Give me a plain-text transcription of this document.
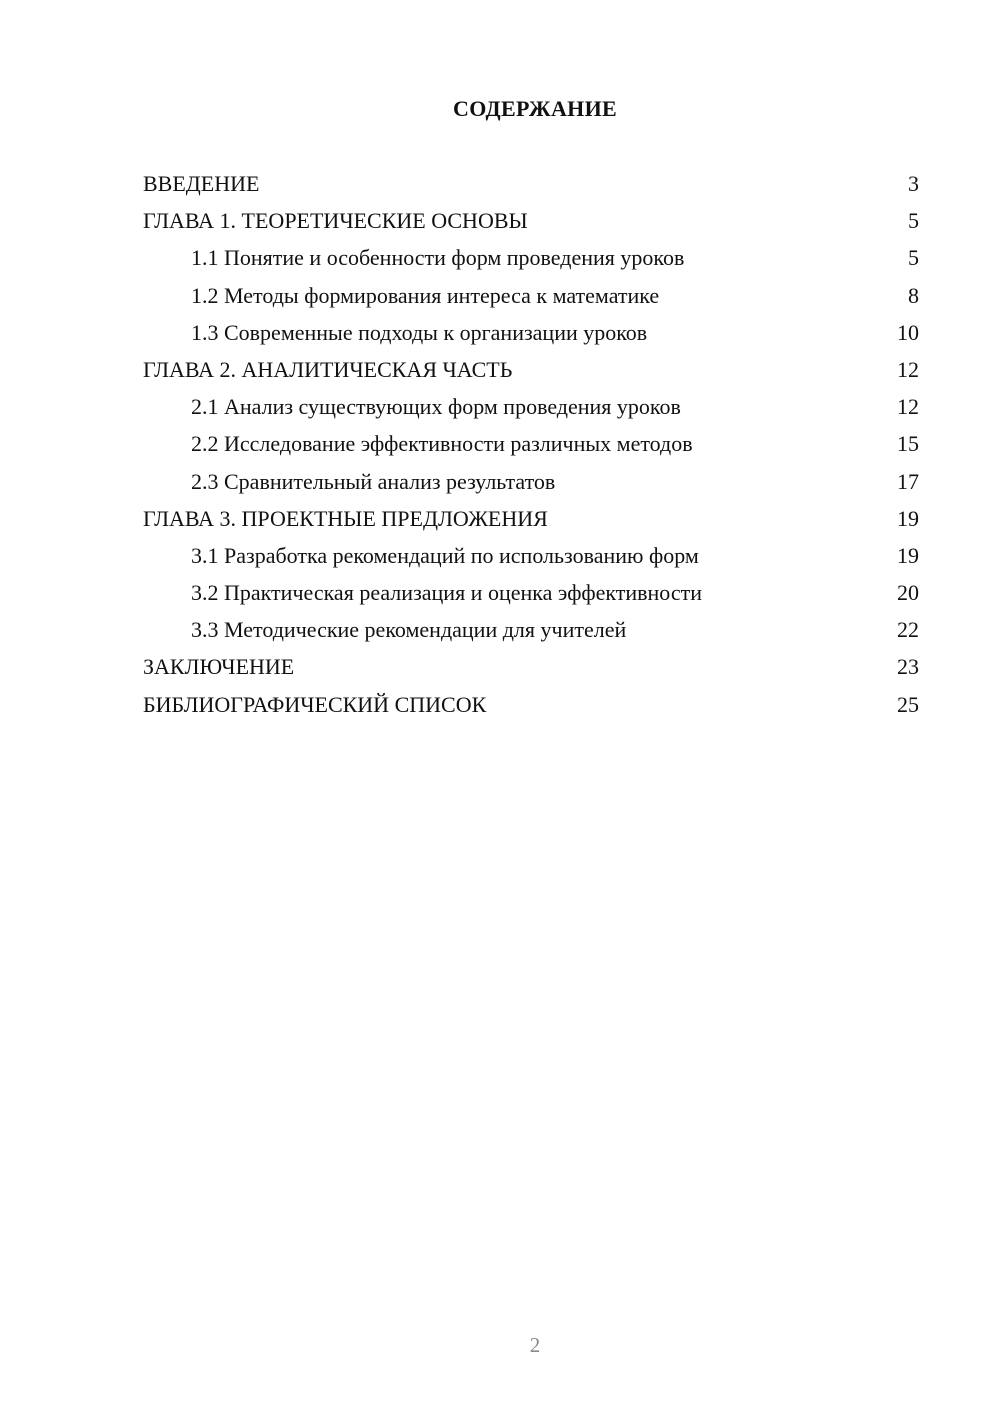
СОДЕРЖАНИЕ
ВВЕДЕНИЕ	3
ГЛАВА 1. ТЕОРЕТИЧЕСКИЕ ОСНОВЫ	5
1.1 Понятие и особенности форм проведения уроков	5
1.2 Методы формирования интереса к математике	8
1.3 Современные подходы к организации уроков	10
ГЛАВА 2. АНАЛИТИЧЕСКАЯ ЧАСТЬ	12
2.1 Анализ существующих форм проведения уроков	12
2.2 Исследование эффективности различных методов	15
2.3 Сравнительный анализ результатов	17
ГЛАВА 3. ПРОЕКТНЫЕ ПРЕДЛОЖЕНИЯ	19
3.1 Разработка рекомендаций по использованию форм	19
3.2 Практическая реализация и оценка эффективности	20
3.3 Методические рекомендации для учителей	22
ЗАКЛЮЧЕНИЕ	23
БИБЛИОГРАФИЧЕСКИЙ СПИСОК	25
2
